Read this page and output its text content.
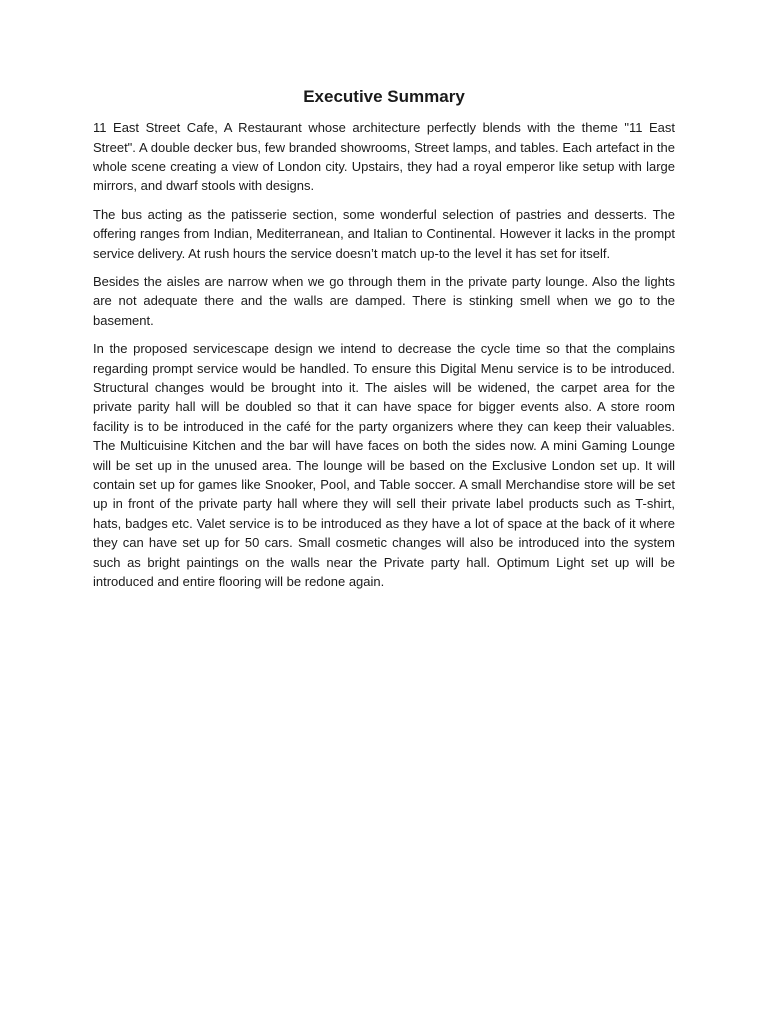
Executive Summary

11 East Street Cafe, A Restaurant whose architecture perfectly blends with the theme "11 East Street". A double decker bus, few branded showrooms, Street lamps, and tables. Each artefact in the whole scene creating a view of London city. Upstairs, they had a royal emperor like setup with large mirrors, and dwarf stools with designs.

The bus acting as the patisserie section, some wonderful selection of pastries and desserts. The offering ranges from Indian, Mediterranean, and Italian to Continental. However it lacks in the prompt service delivery. At rush hours the service doesn’t match up-to the level it has set for itself.

Besides the aisles are narrow when we go through them in the private party lounge. Also the lights are not adequate there and the walls are damped. There is stinking smell when we go to the basement.

In the proposed servicescape design we intend to decrease the cycle time so that the complains regarding prompt service would be handled. To ensure this Digital Menu service is to be introduced. Structural changes would be brought into it. The aisles will be widened, the carpet area for the private parity hall will be doubled so that it can have space for bigger events also. A store room facility is to be introduced in the café for the party organizers where they can keep their valuables. The Multicuisine Kitchen and the bar will have faces on both the sides now. A mini Gaming Lounge will be set up in the unused area. The lounge will be based on the Exclusive London set up. It will contain set up for games like Snooker, Pool, and Table soccer. A small Merchandise store will be set up in front of the private party hall where they will sell their private label products such as T-shirt, hats, badges etc. Valet service is to be introduced as they have a lot of space at the back of it where they can have set up for 50 cars. Small cosmetic changes will also be introduced into the system such as bright paintings on the walls near the Private party hall. Optimum Light set up will be introduced and entire flooring will be redone again.
